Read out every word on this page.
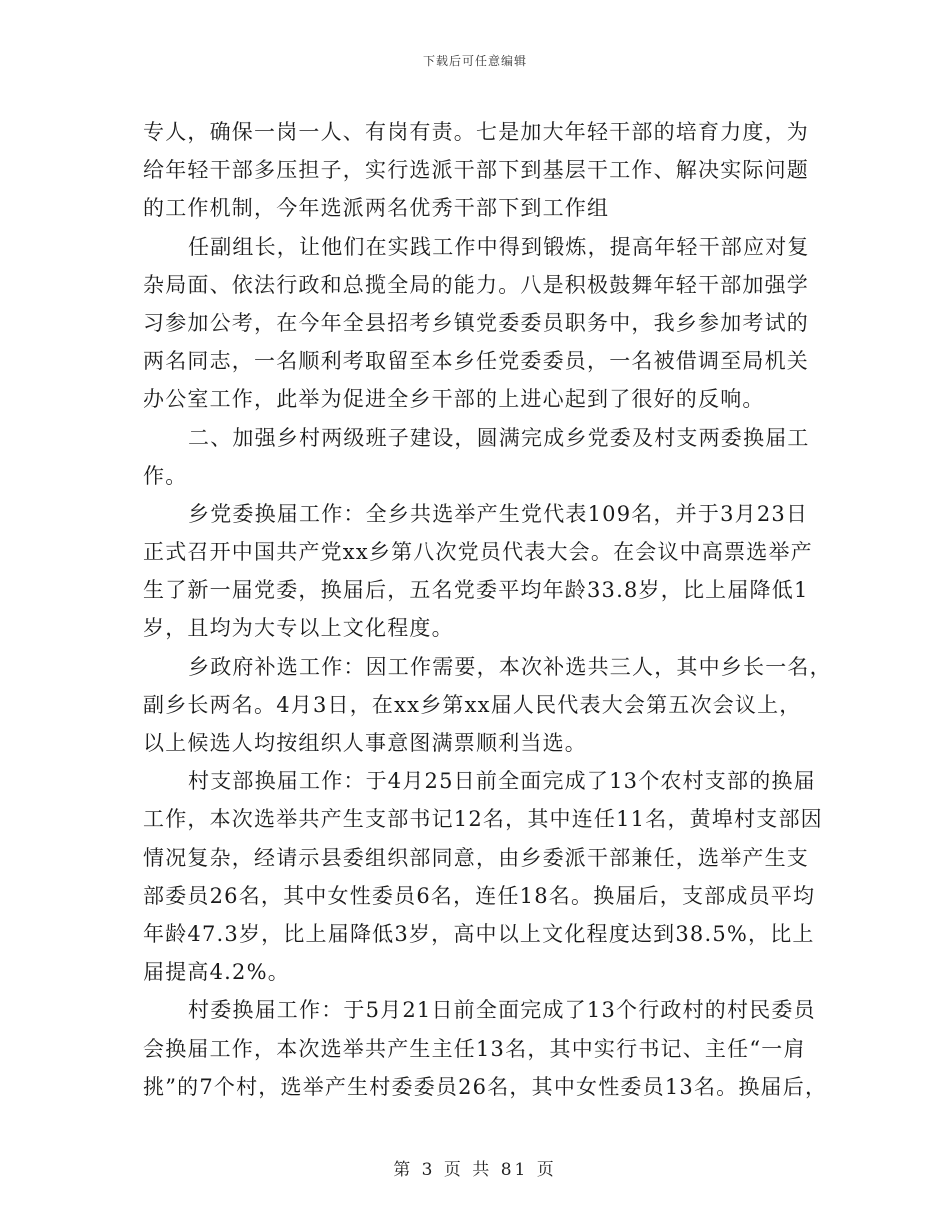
下载后可任意编辑
专人，确保一岗一人、有岗有责。七是加大年轻干部的培育力度，为
给年轻干部多压担子，实行选派干部下到基层干工作、解决实际问题
的工作机制，今年选派两名优秀干部下到工作组
任副组长，让他们在实践工作中得到锻炼，提高年轻干部应对复
杂局面、依法行政和总揽全局的能力。八是积极鼓舞年轻干部加强学
习参加公考，在今年全县招考乡镇党委委员职务中，我乡参加考试的
两名同志，一名顺利考取留至本乡任党委委员，一名被借调至局机关
办公室工作，此举为促进全乡干部的上进心起到了很好的反响。
二、加强乡村两级班子建设，圆满完成乡党委及村支两委换届工
作。
乡党委换届工作：全乡共选举产生党代表109名，并于3月23日
正式召开中国共产党xx乡第八次党员代表大会。在会议中高票选举产
生了新一届党委，换届后，五名党委平均年龄33.8岁，比上届降低1
岁，且均为大专以上文化程度。
乡政府补选工作：因工作需要，本次补选共三人，其中乡长一名，
副乡长两名。4月3日，在xx乡第xx届人民代表大会第五次会议上，
以上候选人均按组织人事意图满票顺利当选。
村支部换届工作：于4月25日前全面完成了13个农村支部的换届
工作，本次选举共产生支部书记12名，其中连任11名，黄埠村支部因
情况复杂，经请示县委组织部同意，由乡委派干部兼任，选举产生支
部委员26名，其中女性委员6名，连任18名。换届后，支部成员平均
年龄47.3岁，比上届降低3岁，高中以上文化程度达到38.5%，比上
届提高4.2%。
村委换届工作：于5月21日前全面完成了13个行政村的村民委员
会换届工作，本次选举共产生主任13名，其中实行书记、主任“一肩
挑”的7个村，选举产生村委委员26名，其中女性委员13名。换届后，
第 3 页 共 81 页
